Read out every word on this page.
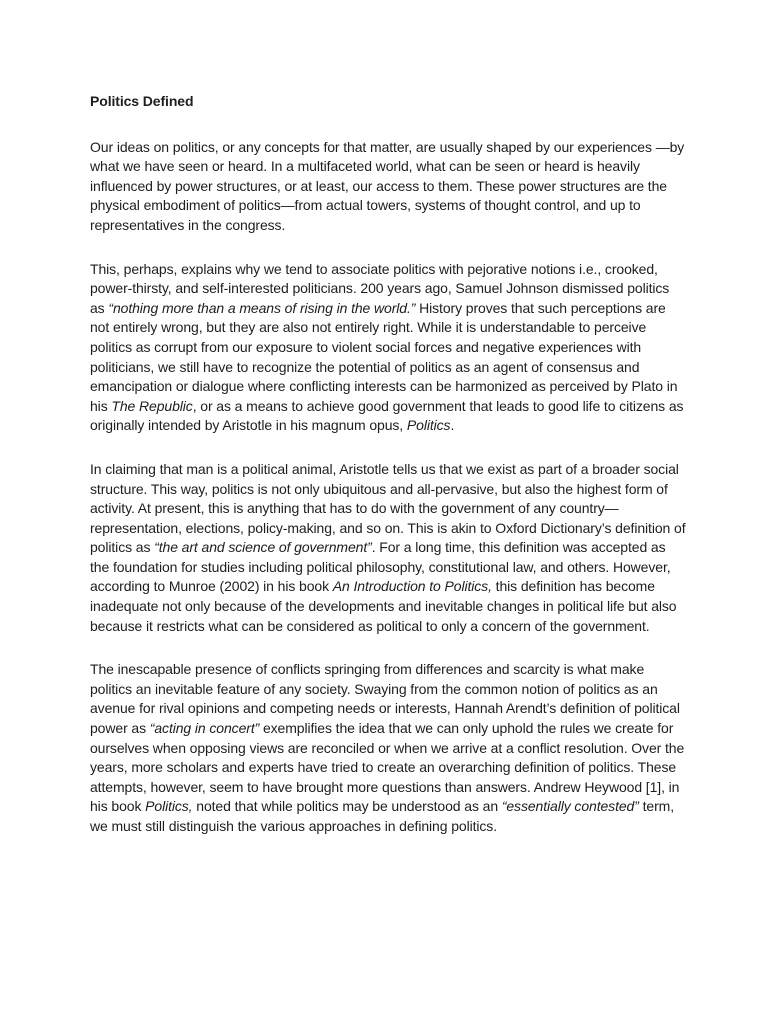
Politics Defined

Our ideas on politics, or any concepts for that matter, are usually shaped by our experiences —by what we have seen or heard. In a multifaceted world, what can be seen or heard is heavily influenced by power structures, or at least, our access to them. These power structures are the physical embodiment of politics—from actual towers, systems of thought control, and up to representatives in the congress.

This, perhaps, explains why we tend to associate politics with pejorative notions i.e., crooked, power-thirsty, and self-interested politicians. 200 years ago, Samuel Johnson dismissed politics as “nothing more than a means of rising in the world.” History proves that such perceptions are not entirely wrong, but they are also not entirely right. While it is understandable to perceive politics as corrupt from our exposure to violent social forces and negative experiences with politicians, we still have to recognize the potential of politics as an agent of consensus and emancipation or dialogue where conflicting interests can be harmonized as perceived by Plato in his The Republic, or as a means to achieve good government that leads to good life to citizens as originally intended by Aristotle in his magnum opus, Politics.

In claiming that man is a political animal, Aristotle tells us that we exist as part of a broader social structure. This way, politics is not only ubiquitous and all-pervasive, but also the highest form of activity. At present, this is anything that has to do with the government of any country—representation, elections, policy-making, and so on. This is akin to Oxford Dictionary’s definition of politics as “the art and science of government”. For a long time, this definition was accepted as the foundation for studies including political philosophy, constitutional law, and others. However, according to Munroe (2002) in his book An Introduction to Politics, this definition has become inadequate not only because of the developments and inevitable changes in political life but also because it restricts what can be considered as political to only a concern of the government.

The inescapable presence of conflicts springing from differences and scarcity is what make politics an inevitable feature of any society. Swaying from the common notion of politics as an avenue for rival opinions and competing needs or interests, Hannah Arendt’s definition of political power as “acting in concert” exemplifies the idea that we can only uphold the rules we create for ourselves when opposing views are reconciled or when we arrive at a conflict resolution. Over the years, more scholars and experts have tried to create an overarching definition of politics. These attempts, however, seem to have brought more questions than answers. Andrew Heywood [1], in his book Politics, noted that while politics may be understood as an “essentially contested” term, we must still distinguish the various approaches in defining politics.
